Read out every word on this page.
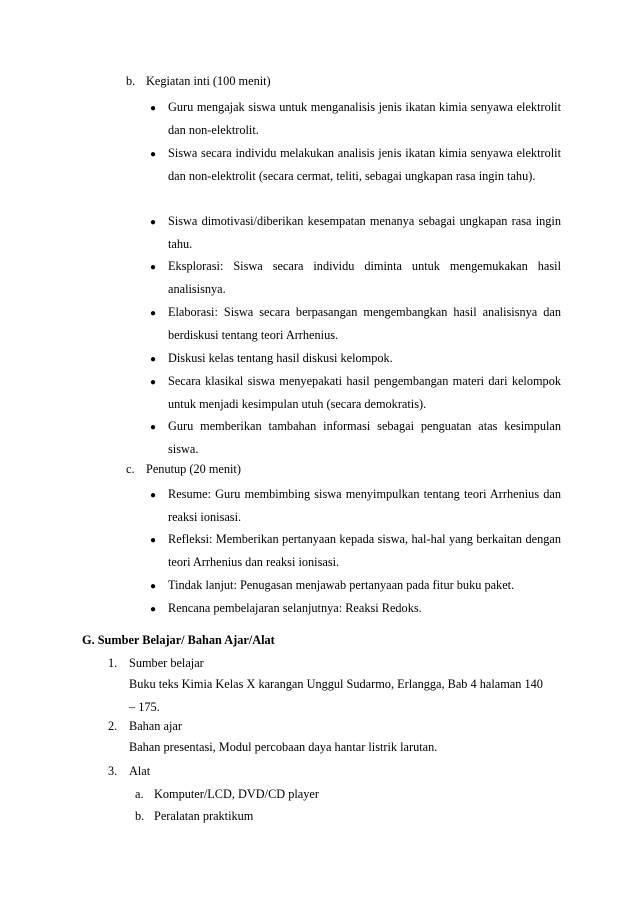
b. Kegiatan inti (100 menit)
● Guru mengajak siswa untuk menganalisis jenis ikatan kimia senyawa elektrolit dan non-elektrolit.
● Siswa secara individu melakukan analisis jenis ikatan kimia senyawa elektrolit dan non-elektrolit (secara cermat, teliti, sebagai ungkapan rasa ingin tahu).
● Siswa dimotivasi/diberikan kesempatan menanya sebagai ungkapan rasa ingin tahu.
● Eksplorasi: Siswa secara individu diminta untuk mengemukakan hasil analisisnya.
● Elaborasi: Siswa secara berpasangan mengembangkan hasil analisisnya dan berdiskusi tentang teori Arrhenius.
● Diskusi kelas tentang hasil diskusi kelompok.
● Secara klasikal siswa menyepakati hasil pengembangan materi dari kelompok untuk menjadi kesimpulan utuh (secara demokratis).
● Guru memberikan tambahan informasi sebagai penguatan atas kesimpulan siswa.
c. Penutup (20 menit)
● Resume: Guru membimbing siswa menyimpulkan tentang teori Arrhenius dan reaksi ionisasi.
● Refleksi: Memberikan pertanyaan kepada siswa, hal-hal yang berkaitan dengan teori Arrhenius dan reaksi ionisasi.
● Tindak lanjut: Penugasan menjawab pertanyaan pada fitur buku paket.
● Rencana pembelajaran selanjutnya: Reaksi Redoks.
G. Sumber Belajar/ Bahan Ajar/Alat
1. Sumber belajar
Buku teks Kimia Kelas X karangan Unggul Sudarmo, Erlangga, Bab 4 halaman 140 – 175.
2. Bahan ajar
Bahan presentasi, Modul percobaan daya hantar listrik larutan.
3. Alat
a. Komputer/LCD, DVD/CD player
b. Peralatan praktikum
